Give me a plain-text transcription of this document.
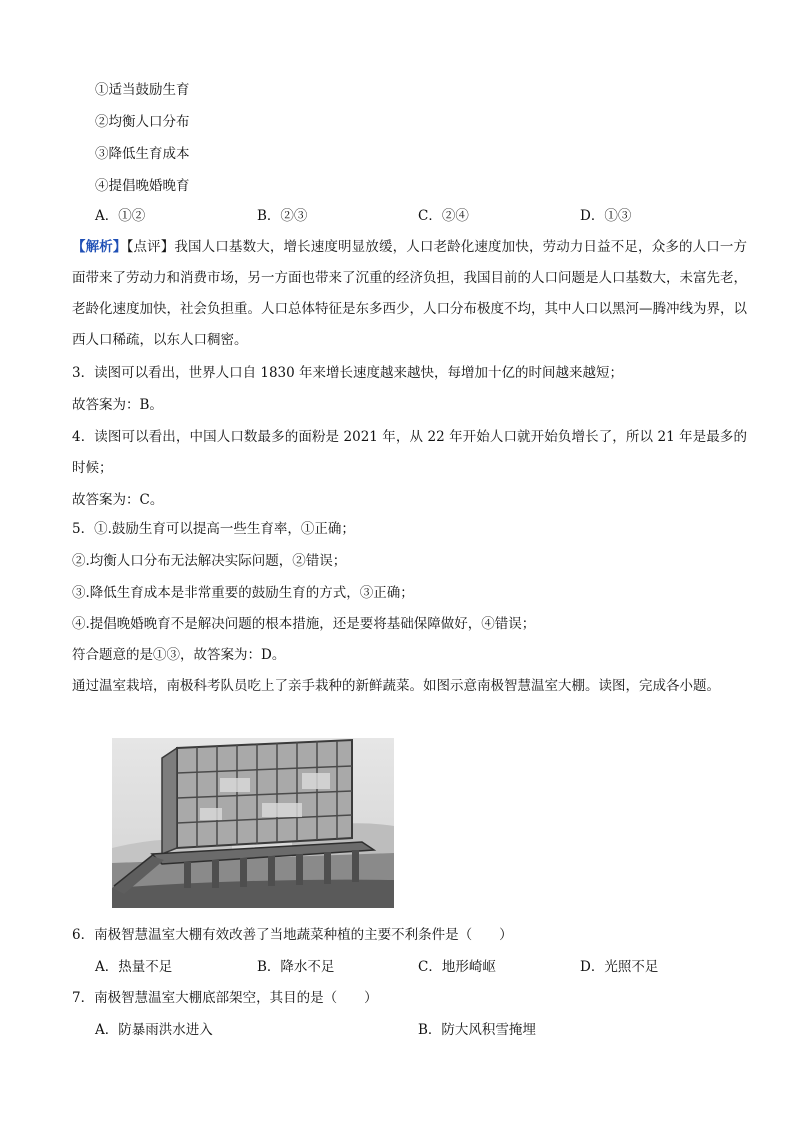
①适当鼓励生育
②均衡人口分布
③降低生育成本
④提倡晚婚晚育
A．①②	B．②③	C．②④	D．①③
【解析】【点评】我国人口基数大，增长速度明显放缓，人口老龄化速度加快，劳动力日益不足，众多的人口一方面带来了劳动力和消费市场，另一方面也带来了沉重的经济负担，我国目前的人口问题是人口基数大，未富先老，老龄化速度加快，社会负担重。人口总体特征是东多西少，人口分布极度不均，其中人口以黑河—腾冲线为界，以西人口稀疏，以东人口稠密。
3．读图可以看出，世界人口自 1830 年来增长速度越来越快，每增加十亿的时间越来越短；
故答案为：B。
4．读图可以看出，中国人口数最多的面粉是 2021 年，从 22 年开始人口就开始负增长了，所以 21 年是最多的时候；
故答案为：C。
5．①.鼓励生育可以提高一些生育率，①正确；
②.均衡人口分布无法解决实际问题，②错误；
③.降低生育成本是非常重要的鼓励生育的方式，③正确；
④.提倡晚婚晚育不是解决问题的根本措施，还是要将基础保障做好，④错误；
符合题意的是①③，故答案为：D。
通过温室栽培，南极科考队员吃上了亲手栽种的新鲜蔬菜。如图示意南极智慧温室大棚。读图，完成各小题。
6．南极智慧温室大棚有效改善了当地蔬菜种植的主要不利条件是（　　）
A．热量不足	B．降水不足	C．地形崎岖	D．光照不足
7．南极智慧温室大棚底部架空，其目的是（　　）
A．防暴雨洪水进入	B．防大风积雪掩埋
